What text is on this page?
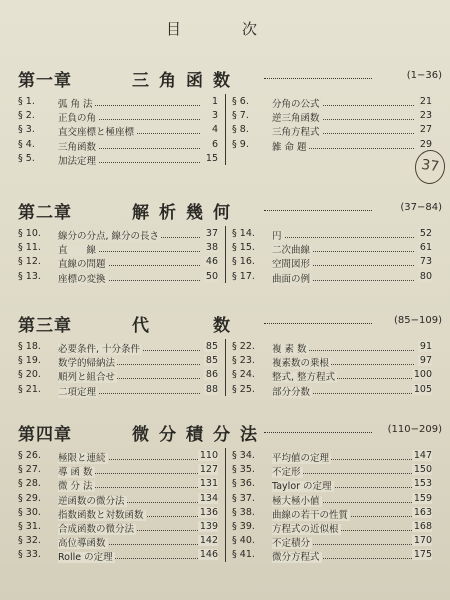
目	次
第一章	三角函数	(1−36)
§ 1.	弧 角 法	1
§ 2.	正負の角	3
§ 3.	直交座標と極座標	4
§ 4.	三角函数	6
§ 5.	加法定理	15
§ 6.	分角の公式	21
§ 7.	逆三角函数	23
§ 8.	三角方程式	27
§ 9.	雑 命 題	29
第二章	解析幾何	(37−84)
§ 10.	線分の分点, 線分の長さ	37
§ 11.	直　　線	38
§ 12.	直線の問題	46
§ 13.	座標の変換	50
§ 14.	円	52
§ 15.	二次曲線	61
§ 16.	空間図形	73
§ 17.	曲面の例	80
第三章	代　　数	(85−109)
§ 18.	必要条件, 十分条件	85
§ 19.	数学的帰納法	85
§ 20.	順列と組合せ	86
§ 21.	二項定理	88
§ 22.	複 素 数	91
§ 23.	複素数の乗根	97
§ 24.	整式, 整方程式	100
§ 25.	部分分数	105
第四章	微分積分法	(110−209)
§ 26.	極限と連続	110
§ 27.	導 函 数	127
§ 28.	微 分 法	131
§ 29.	逆函数の微分法	134
§ 30.	指数函数と対数函数	136
§ 31.	合成函数の微分法	139
§ 32.	高位導函数	142
§ 33.	Rolle の定理	146
§ 34.	平均値の定理	147
§ 35.	不定形	150
§ 36.	Taylor の定理	153
§ 37.	極大極小値	159
§ 38.	曲線の若干の性質	163
§ 39.	方程式の近似根	168
§ 40.	不定積分	170
§ 41.	微分方程式	175
37
